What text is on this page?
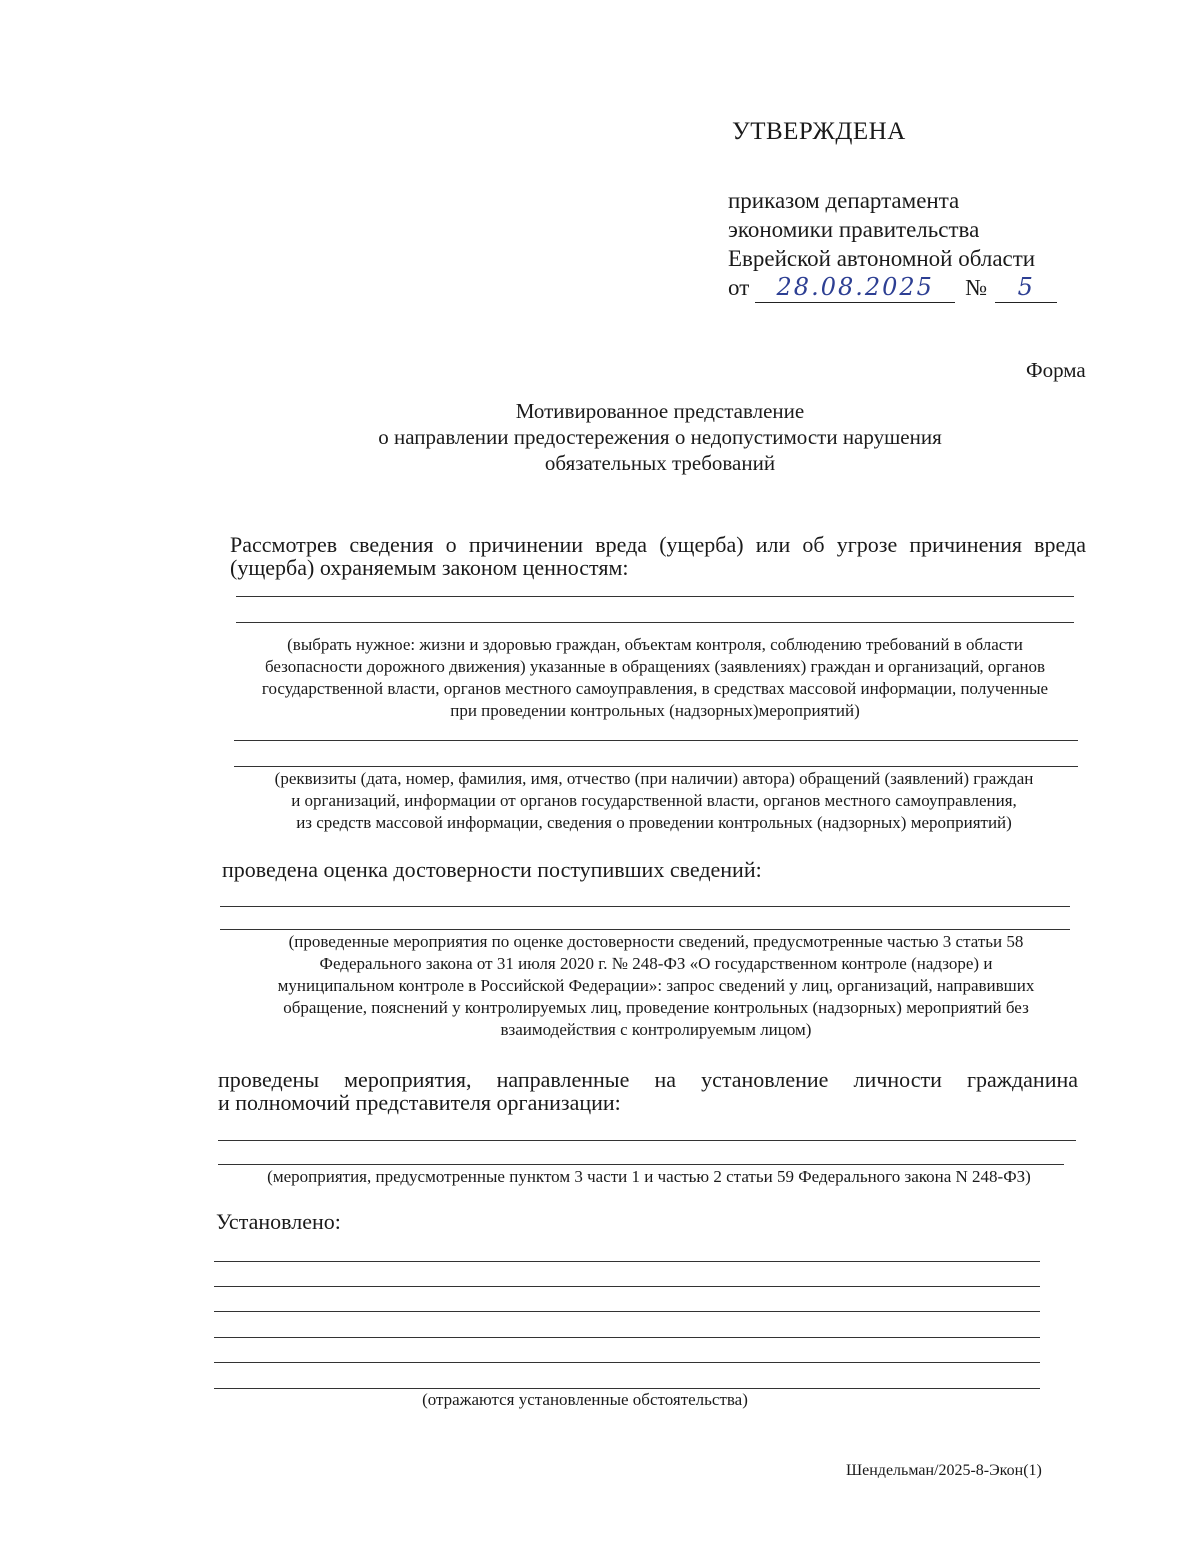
УТВЕРЖДЕНА
приказом департамента
экономики правительства
Еврейской автономной области
от 28.08.2025 № 5
Форма
Мотивированное представление
о направлении предостережения о недопустимости нарушения
обязательных требований
Рассмотрев сведения о причинении вреда (ущерба) или об угрозе причинения вреда
(ущерба) охраняемым законом ценностям:
(выбрать нужное: жизни и здоровью граждан, объектам контроля, соблюдению требований в области
безопасности дорожного движения) указанные в обращениях (заявлениях) граждан и организаций, органов
государственной власти, органов местного самоуправления, в средствах массовой информации, полученные
при проведении контрольных (надзорных)мероприятий)
(реквизиты (дата, номер, фамилия, имя, отчество (при наличии) автора) обращений (заявлений) граждан
и организаций, информации от органов государственной власти, органов местного самоуправления,
из средств массовой информации, сведения о проведении контрольных (надзорных) мероприятий)
проведена оценка достоверности поступивших сведений:
(проведенные мероприятия по оценке достоверности сведений, предусмотренные частью 3 статьи 58
Федерального закона от 31 июля 2020 г. № 248-ФЗ «О государственном контроле (надзоре) и
муниципальном контроле в Российской Федерации»: запрос сведений у лиц, организаций, направивших
обращение, пояснений у контролируемых лиц, проведение контрольных (надзорных) мероприятий без
взаимодействия с контролируемым лицом)
проведены мероприятия, направленные на установление личности гражданина
и полномочий представителя организации:
(мероприятия, предусмотренные пунктом 3 части 1 и частью 2 статьи 59 Федерального закона N 248-ФЗ)
Установлено:
(отражаются установленные обстоятельства)
Шендельман/2025-8-Экон(1)
